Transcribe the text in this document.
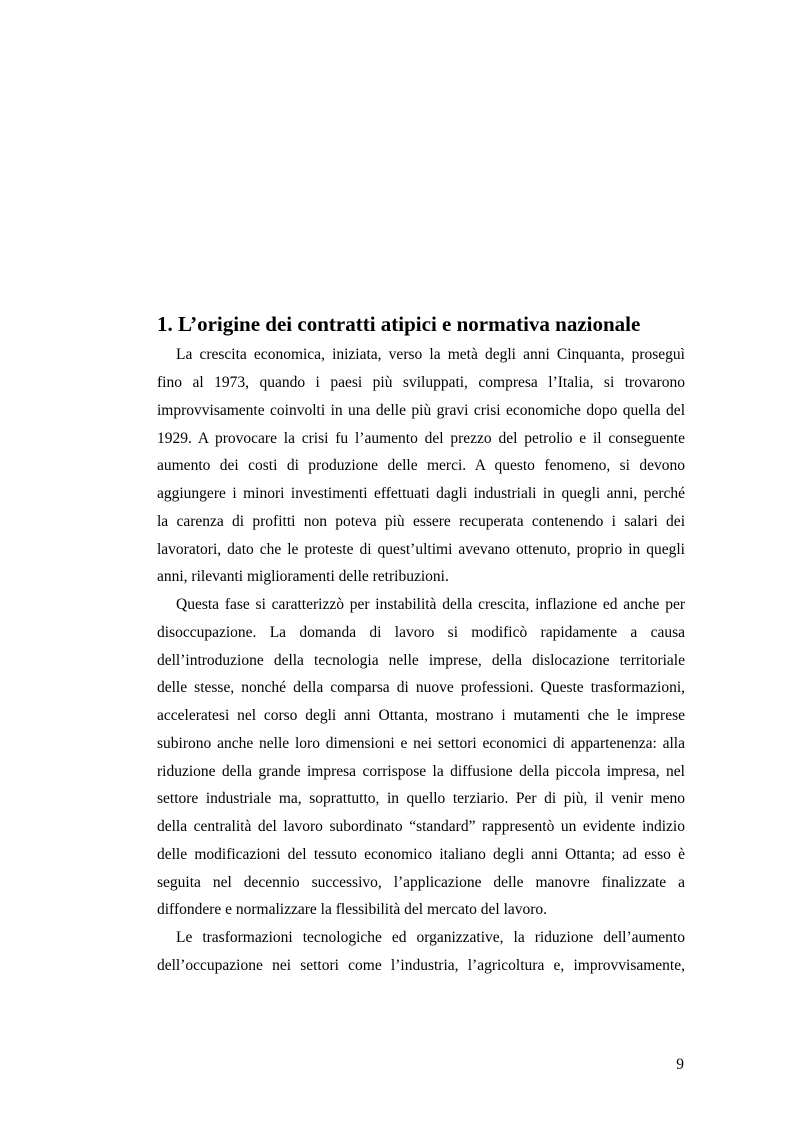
1. L’origine dei contratti atipici e normativa nazionale
La crescita economica, iniziata, verso la metà degli anni Cinquanta, proseguì
fino al 1973, quando i paesi più sviluppati, compresa l’Italia, si trovarono
improvvisamente coinvolti in una delle più gravi crisi economiche dopo quella del
1929. A provocare la crisi fu l’aumento del prezzo del petrolio e il conseguente
aumento dei costi di produzione delle merci. A questo fenomeno, si devono
aggiungere i minori investimenti effettuati dagli industriali in quegli anni, perché
la carenza di profitti non poteva più essere recuperata contenendo i salari dei
lavoratori, dato che le proteste di quest’ultimi avevano ottenuto, proprio in quegli
anni, rilevanti miglioramenti delle retribuzioni.
Questa fase si caratterizzò per instabilità della crescita, inflazione ed anche per
disoccupazione. La domanda di lavoro si modificò rapidamente a causa
dell’introduzione della tecnologia nelle imprese, della dislocazione territoriale
delle stesse, nonché della comparsa di nuove professioni. Queste trasformazioni,
acceleratesi nel corso degli anni Ottanta, mostrano i mutamenti che le imprese
subirono anche nelle loro dimensioni e nei settori economici di appartenenza: alla
riduzione della grande impresa corrispose la diffusione della piccola impresa, nel
settore industriale ma, soprattutto, in quello terziario. Per di più, il venir meno
della centralità del lavoro subordinato “standard” rappresentò un evidente indizio
delle modificazioni del tessuto economico italiano degli anni Ottanta; ad esso è
seguita nel decennio successivo, l’applicazione delle manovre finalizzate a
diffondere e normalizzare la flessibilità del mercato del lavoro.
Le trasformazioni tecnologiche ed organizzative, la riduzione dell’aumento
dell’occupazione nei settori come l’industria, l’agricoltura e, improvvisamente,
9
